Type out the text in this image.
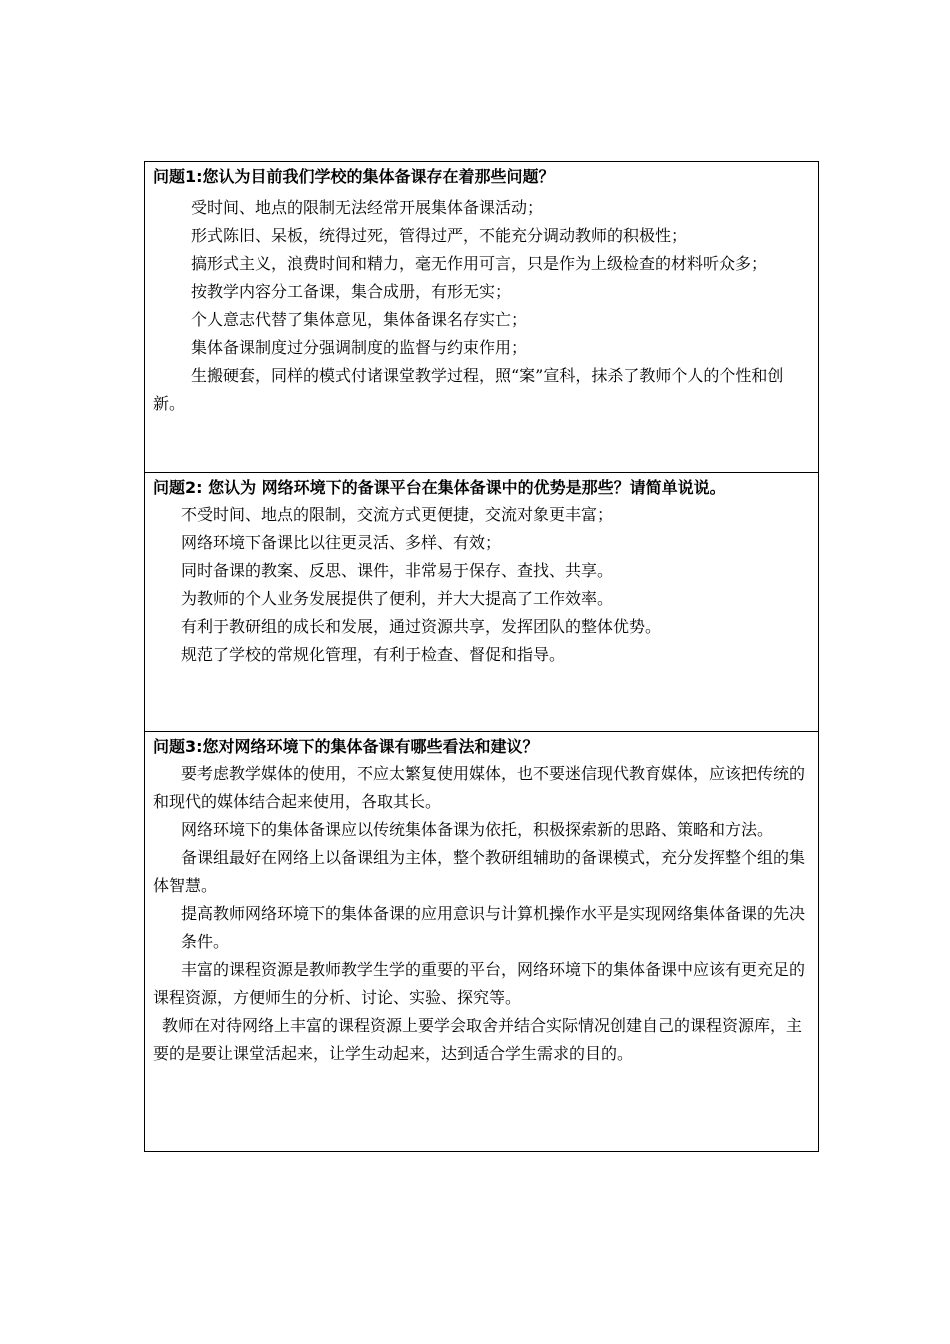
问题1:您认为目前我们学校的集体备课存在着那些问题？

受时间、地点的限制无法经常开展集体备课活动；

形式陈旧、呆板，统得过死，管得过严，不能充分调动教师的积极性；

搞形式主义，浪费时间和精力，毫无作用可言，只是作为上级检查的材料听众多；

按教学内容分工备课，集合成册，有形无实；

个人意志代替了集体意见，集体备课名存实亡；

集体备课制度过分强调制度的监督与约束作用；

生搬硬套，同样的模式付诸课堂教学过程，照“案”宣科，抹杀了教师个人的个性和创新。

问题2: 您认为 网络环境下的备课平台在集体备课中的优势是那些？请简单说说。

不受时间、地点的限制，交流方式更便捷，交流对象更丰富；

网络环境下备课比以往更灵活、多样、有效；

同时备课的教案、反思、课件，非常易于保存、查找、共享。

为教师的个人业务发展提供了便利，并大大提高了工作效率。

有利于教研组的成长和发展，通过资源共享，发挥团队的整体优势。

规范了学校的常规化管理，有利于检查、督促和指导。

问题3:您对网络环境下的集体备课有哪些看法和建议？

要考虑教学媒体的使用，不应太繁复使用媒体，也不要迷信现代教育媒体，应该把传统的和现代的媒体结合起来使用，各取其长。

网络环境下的集体备课应以传统集体备课为依托，积极探索新的思路、策略和方法。

备课组最好在网络上以备课组为主体，整个教研组辅助的备课模式，充分发挥整个组的集体智慧。

提高教师网络环境下的集体备课的应用意识与计算机操作水平是实现网络集体备课的先决条件。

丰富的课程资源是教师教学生学的重要的平台，网络环境下的集体备课中应该有更充足的课程资源，方便师生的分析、讨论、实验、探究等。

教师在对待网络上丰富的课程资源上要学会取舍并结合实际情况创建自己的课程资源库，主要的是要让课堂活起来，让学生动起来，达到适合学生需求的目的。
